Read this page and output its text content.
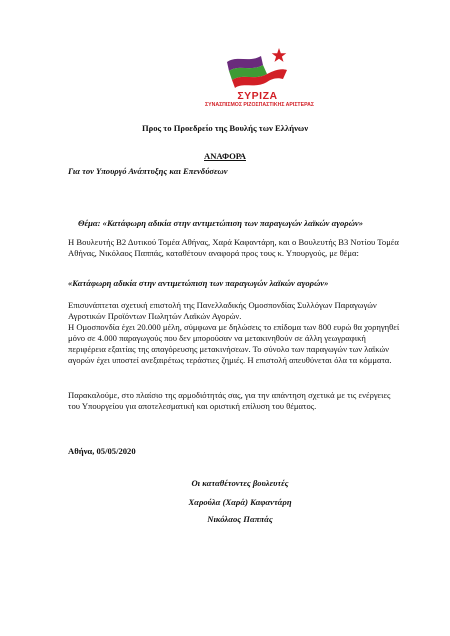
ΣΥΡΙΖΑ
ΣΥΝΑΣΠΙΣΜΟΣ ΡΙΖΟΣΠΑΣΤΙΚΗΣ ΑΡΙΣΤΕΡΑΣ
Προς το Προεδρείο της Βουλής των Ελλήνων
ΑΝΑΦΟΡΑ
Για τον Υπουργό Ανάπτυξης και Επενδύσεων
Θέμα: «Κατάφωρη αδικία στην αντιμετώπιση των παραγωγών λαϊκών αγορών»

Η Βουλευτής Β2 Δυτικού Τομέα Αθήνας, Χαρά Καφαντάρη, και ο Βουλευτής Β3 Νοτίου Τομέα Αθήνας, Νικόλαος Παππάς, καταθέτουν αναφορά προς τους κ. Υπουργούς, με θέμα:

«Κατάφωρη αδικία στην αντιμετώπιση των παραγωγών λαϊκών αγορών»

Επισυνάπτεται σχετική επιστολή της Πανελλαδικής Ομοσπονδίας Συλλόγων Παραγωγών Αγροτικών Προϊόντων Πωλητών Λαϊκών Αγορών.

Η Ομοσπονδία έχει 20.000 μέλη, σύμφωνα με δηλώσεις το επίδομα των 800 ευρώ θα χορηγηθεί μόνο σε 4.000 παραγωγούς που δεν μπορούσαν να μετακινηθούν σε άλλη γεωγραφική περιφέρεια εξαιτίας της απαγόρευσης μετακινήσεων. Το σύνολο των παραγωγών των λαϊκών αγορών έχει υποστεί ανεξαιρέτως τεράστιες ζημιές. Η επιστολή απευθύνεται όλα τα κόμματα.

Παρακαλούμε, στο πλαίσιο της αρμοδιότητάς σας, για την απάντηση σχετικά με τις ενέργειες του Υπουργείου για αποτελεσματική και οριστική επίλυση του θέματος.

Αθήνα, 05/05/2020
Οι καταθέτοντες βουλευτές
Χαρούλα (Χαρά) Καφαντάρη
Νικόλαος Παππάς
